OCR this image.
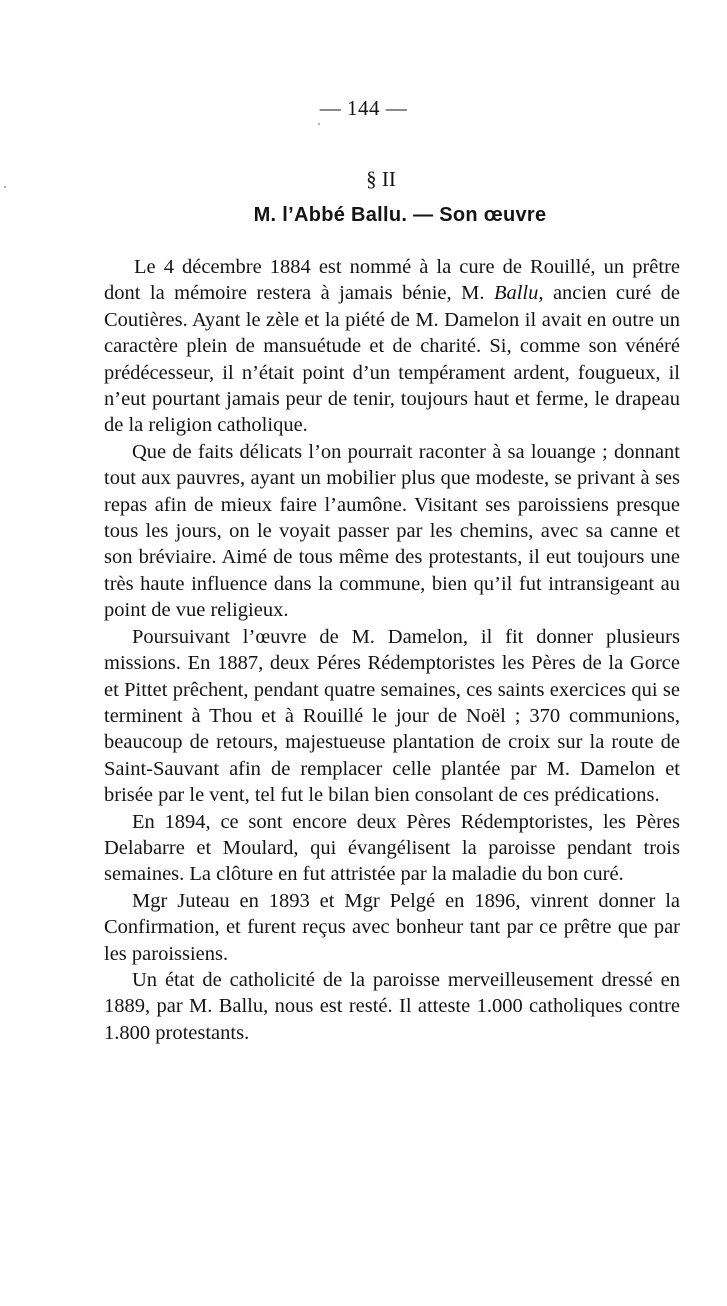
— 144 —
§ II
M. l’Abbé Ballu. — Son œuvre

Le 4 décembre 1884 est nommé à la cure de Rouillé, un prêtre dont la mémoire restera à jamais bénie, M. Ballu, ancien curé de Coutières. Ayant le zèle et la piété de M. Damelon il avait en outre un caractère plein de mansuétude et de charité. Si, comme son vénéré prédécesseur, il n’était point d’un tempérament ardent, fougueux, il n’eut pourtant jamais peur de tenir, toujours haut et ferme, le drapeau de la religion catholique.

Que de faits délicats l’on pourrait raconter à sa louange ; donnant tout aux pauvres, ayant un mobilier plus que modeste, se privant à ses repas afin de mieux faire l’aumône. Visitant ses paroissiens presque tous les jours, on le voyait passer par les chemins, avec sa canne et son bréviaire. Aimé de tous même des protestants, il eut toujours une très haute influence dans la commune, bien qu’il fut intransigeant au point de vue religieux.

Poursuivant l’œuvre de M. Damelon, il fit donner plusieurs missions. En 1887, deux Péres Rédemptoristes les Pères de la Gorce et Pittet prêchent, pendant quatre semaines, ces saints exercices qui se terminent à Thou et à Rouillé le jour de Noël ; 370 communions, beaucoup de retours, majestueuse plantation de croix sur la route de Saint-Sauvant afin de remplacer celle plantée par M. Damelon et brisée par le vent, tel fut le bilan bien consolant de ces prédications.

En 1894, ce sont encore deux Pères Rédemptoristes, les Pères Delabarre et Moulard, qui évangélisent la paroisse pendant trois semaines. La clôture en fut attristée par la maladie du bon curé.

Mgr Juteau en 1893 et Mgr Pelgé en 1896, vinrent donner la Confirmation, et furent reçus avec bonheur tant par ce prêtre que par les paroissiens.

Un état de catholicité de la paroisse merveilleusement dressé en 1889, par M. Ballu, nous est resté. Il atteste 1.000 catholiques contre 1.800 protestants.
